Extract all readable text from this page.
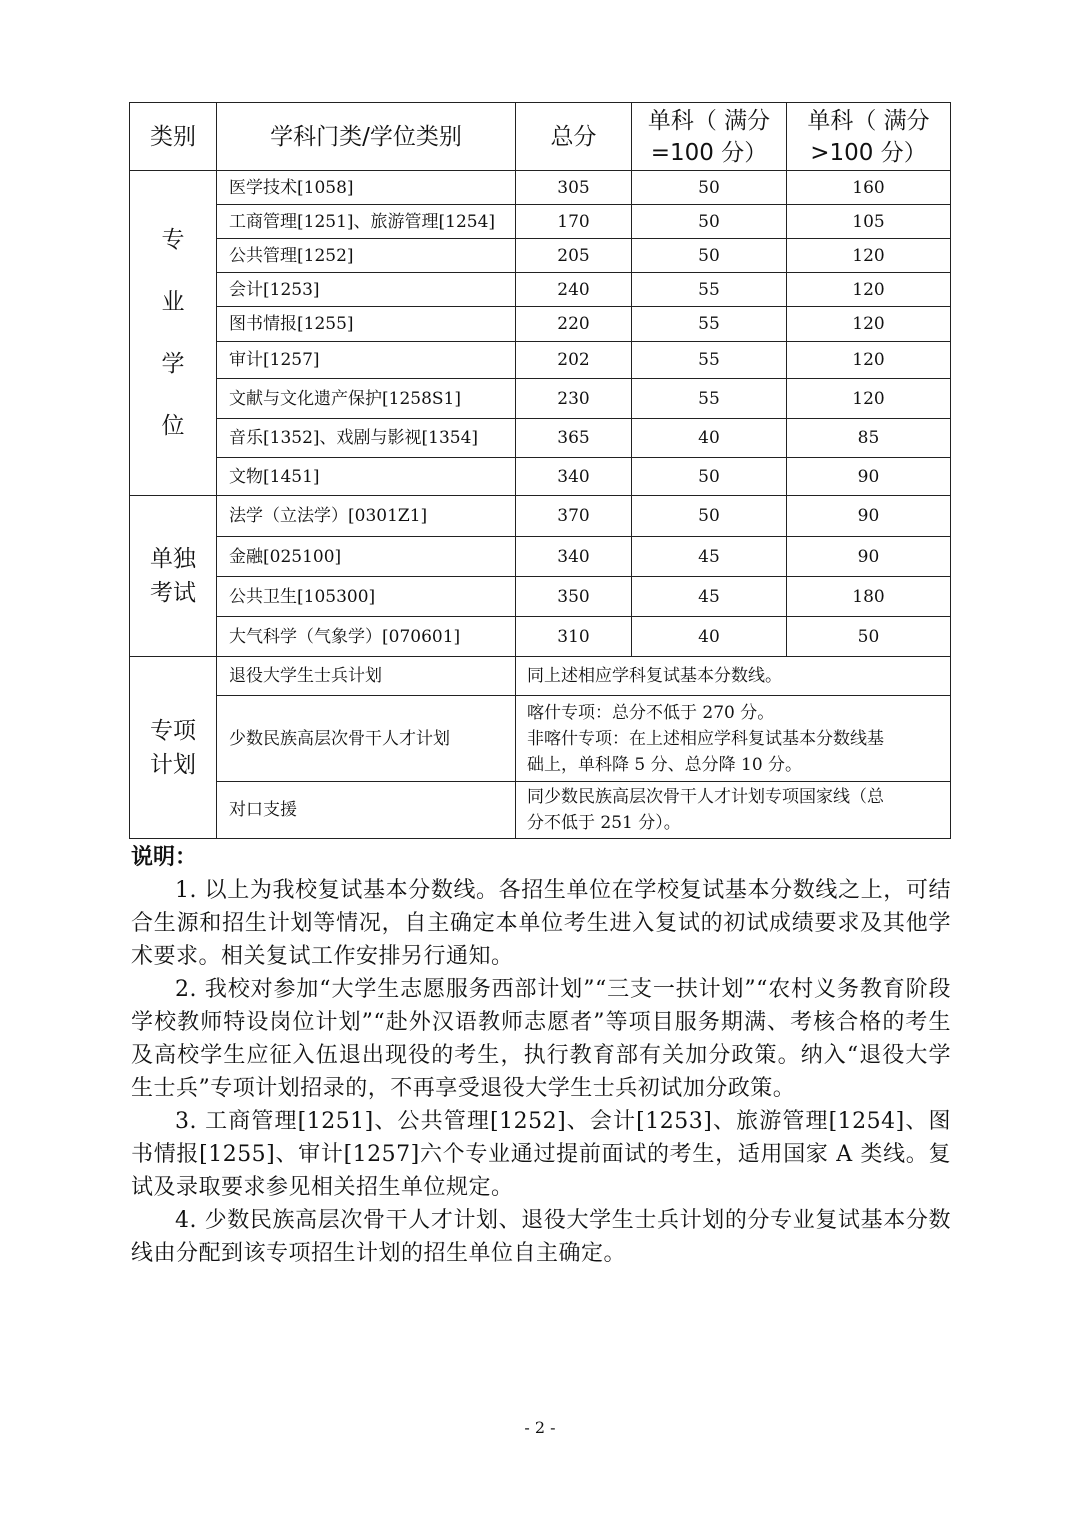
类别	学科门类/学位类别	总分	单科（ 满分=100 分）	单科（ 满分>100 分）
专
业
学
位	医学技术[1058]	305	50	160
	工商管理[1251]、旅游管理[1254]	170	50	105
	公共管理[1252]	205	50	120
	会计[1253]	240	55	120
	图书情报[1255]	220	55	120
	审计[1257]	202	55	120
	文献与文化遗产保护[1258S1]	230	55	120
	音乐[1352]、戏剧与影视[1354]	365	40	85
	文物[1451]	340	50	90
单独
考试	法学（立法学）[0301Z1]	370	50	90
	金融[025100]	340	45	90
	公共卫生[105300]	350	45	180
	大气科学（气象学）[070601]	310	40	50
专项
计划	退役大学生士兵计划	同上述相应学科复试基本分数线。		
	少数民族高层次骨干人才计划	喀什专项：总分不低于 270 分。
非喀什专项：在上述相应学科复试基本分数线基
础上，单科降 5 分、总分降 10 分。		
	对口支援	同少数民族高层次骨干人才计划专项国家线（总
分不低于 251 分）。		
说明：

1. 以上为我校复试基本分数线。各招生单位在学校复试基本分数线之上，可结合生源和招生计划等情况，自主确定本单位考生进入复试的初试成绩要求及其他学术要求。相关复试工作安排另行通知。

2. 我校对参加“大学生志愿服务西部计划”“三支一扶计划”“农村义务教育阶段学校教师特设岗位计划”“赴外汉语教师志愿者”等项目服务期满、考核合格的考生及高校学生应征入伍退出现役的考生，执行教育部有关加分政策。纳入“退役大学生士兵”专项计划招录的，不再享受退役大学生士兵初试加分政策。

3. 工商管理[1251]、公共管理[1252]、会计[1253]、旅游管理[1254]、图书情报[1255]、审计[1257]六个专业通过提前面试的考生，适用国家 A 类线。复试及录取要求参见相关招生单位规定。

4. 少数民族高层次骨干人才计划、退役大学生士兵计划的分专业复试基本分数线由分配到该专项招生计划的招生单位自主确定。

- 2 -
